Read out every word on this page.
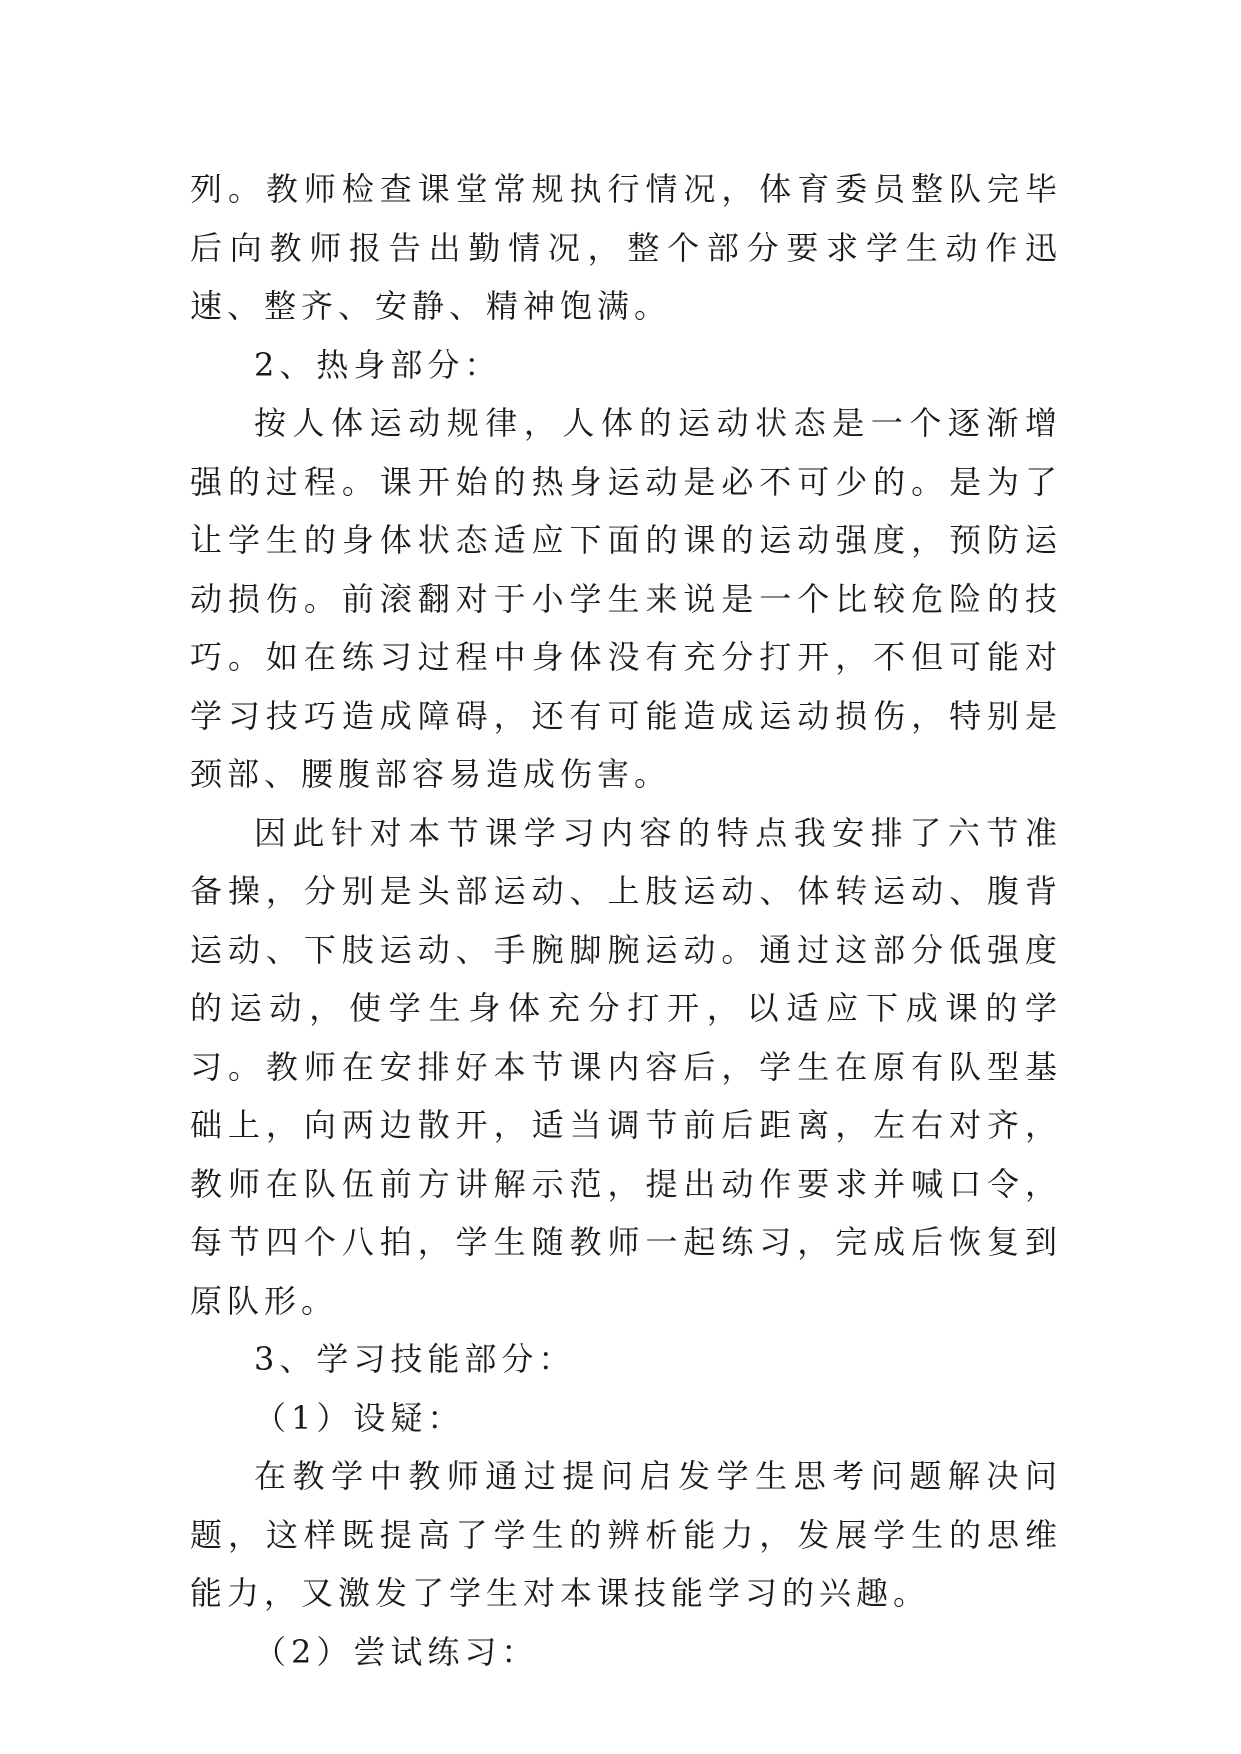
列。教师检查课堂常规执行情况，体育委员整队完毕后向教师报告出勤情况，整个部分要求学生动作迅速、整齐、安静、精神饱满。

2、热身部分：

按人体运动规律，人体的运动状态是一个逐渐增强的过程。课开始的热身运动是必不可少的。是为了让学生的身体状态适应下面的课的运动强度，预防运动损伤。前滚翻对于小学生来说是一个比较危险的技巧。如在练习过程中身体没有充分打开，不但可能对学习技巧造成障碍，还有可能造成运动损伤，特别是颈部、腰腹部容易造成伤害。

因此针对本节课学习内容的特点我安排了六节准备操，分别是头部运动、上肢运动、体转运动、腹背运动、下肢运动、手腕脚腕运动。通过这部分低强度的运动，使学生身体充分打开，以适应下成课的学习。教师在安排好本节课内容后，学生在原有队型基础上，向两边散开，适当调节前后距离，左右对齐，教师在队伍前方讲解示范，提出动作要求并喊口令，每节四个八拍，学生随教师一起练习，完成后恢复到原队形。

3、学习技能部分：

（1）设疑：

在教学中教师通过提问启发学生思考问题解决问题，这样既提高了学生的辨析能力，发展学生的思维能力，又激发了学生对本课技能学习的兴趣。

（2）尝试练习：
